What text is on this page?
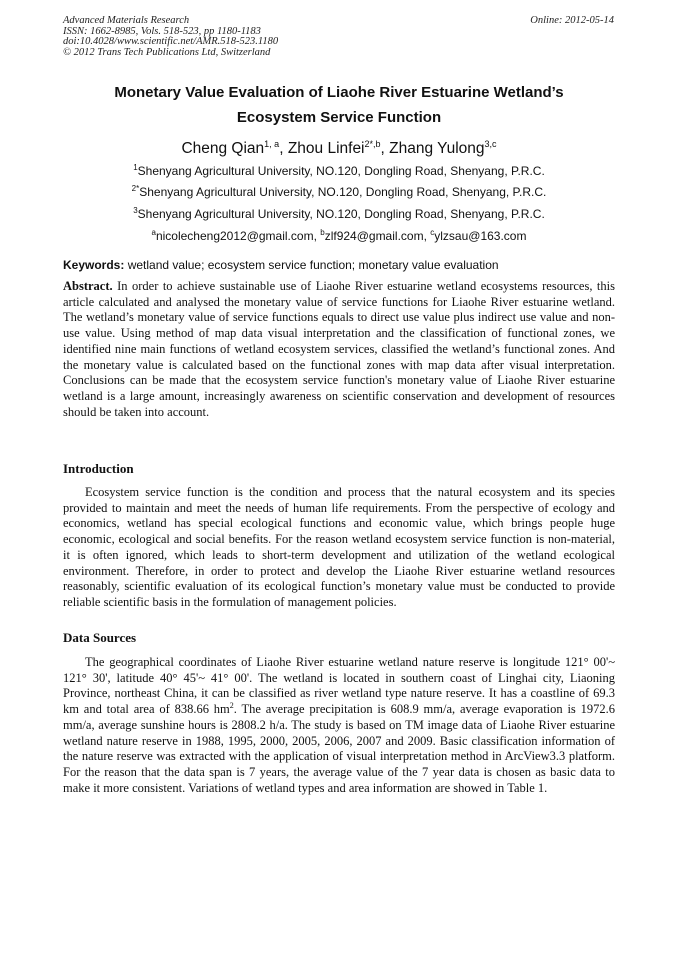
Advanced Materials Research
ISSN: 1662-8985, Vols. 518-523, pp 1180-1183
doi:10.4028/www.scientific.net/AMR.518-523.1180
© 2012 Trans Tech Publications Ltd, Switzerland
Online: 2012-05-14
Monetary Value Evaluation of Liaohe River Estuarine Wetland’s
Ecosystem Service Function
Cheng Qian$^{1, a}$, Zhou Linfei$^{2*,b}$, Zhang Yulong$^{3,c}$
$^1$Shenyang Agricultural University, NO.120, Dongling Road, Shenyang, P.R.C.
$^{2*}$Shenyang Agricultural University, NO.120, Dongling Road, Shenyang, P.R.C.
$^3$Shenyang Agricultural University, NO.120, Dongling Road, Shenyang, P.R.C.
$^a$nicolecheng2012@gmail.com, $^b$zlf924@gmail.com, $^c$ylzsau@163.com
Keywords: wetland value; ecosystem service function; monetary value evaluation
Abstract. In order to achieve sustainable use of Liaohe River estuarine wetland ecosystems resources, this article calculated and analysed the monetary value of service functions for Liaohe River estuarine wetland. The wetland’s monetary value of service functions equals to direct use value plus indirect use value and non-use value. Using method of map data visual interpretation and the classification of functional zones, we identified nine main functions of wetland ecosystem services, classified the wetland’s functional zones. And the monetary value is calculated based on the functional zones with map data after visual interpretation. Conclusions can be made that the ecosystem service function's monetary value of Liaohe River estuarine wetland is a large amount, increasingly awareness on scientific conservation and development of resources should be taken into account.
Introduction
Ecosystem service function is the condition and process that the natural ecosystem and its species provided to maintain and meet the needs of human life requirements. From the perspective of ecology and economics, wetland has special ecological functions and economic value, which brings people huge economic, ecological and social benefits. For the reason wetland ecosystem service function is non-material, it is often ignored, which leads to short-term development and utilization of the wetland ecological environment. Therefore, in order to protect and develop the Liaohe River estuarine wetland resources reasonably, scientific evaluation of its ecological function’s monetary value must be conducted to provide reliable scientific basis in the formulation of management policies.
Data Sources
The geographical coordinates of Liaohe River estuarine wetland nature reserve is longitude 121° 00'~ 121° 30', latitude 40° 45'~ 41° 00'. The wetland is located in southern coast of Linghai city, Liaoning Province, northeast China, it can be classified as river wetland type nature reserve. It has a coastline of 69.3 km and total area of 838.66 $hm^2$. The average precipitation is 608.9 mm/a, average evaporation is 1972.6 mm/a, average sunshine hours is 2808.2 h/a. The study is based on TM image data of Liaohe River estuarine wetland nature reserve in 1988, 1995, 2000, 2005, 2006, 2007 and 2009. Basic classification information of the nature reserve was extracted with the application of visual interpretation method in ArcView3.3 platform. For the reason that the data span is 7 years, the average value of the 7 year data is chosen as basic data to make it more consistent. Variations of wetland types and area information are showed in Table 1.
